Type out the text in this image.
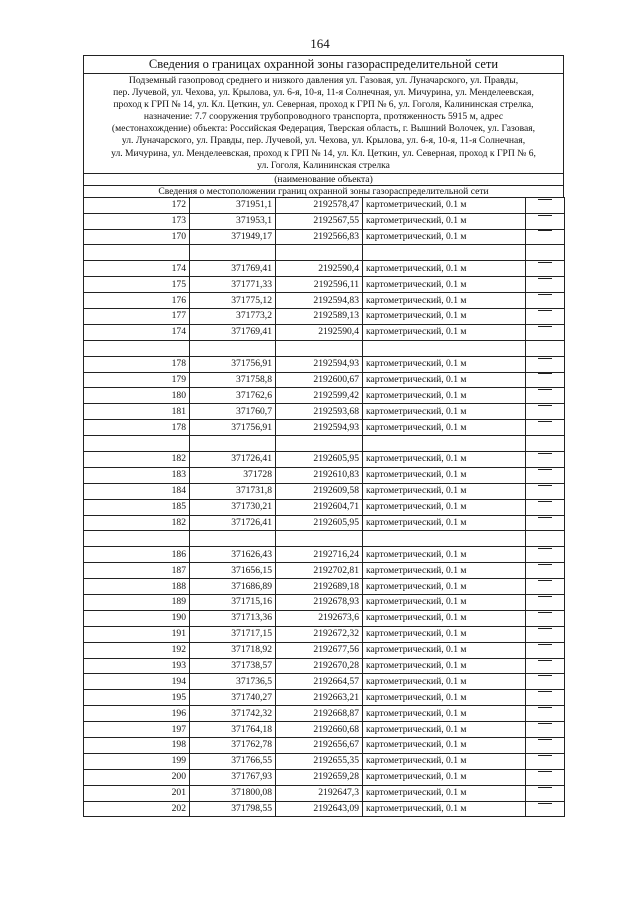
164
Сведения о границах охранной зоны газораспределительной сети
Подземный газопровод среднего и низкого давления ул. Газовая, ул. Луначарского, ул. Правды,
пер. Лучевой, ул. Чехова, ул. Крылова, ул. 6-я, 10-я, 11-я Солнечная, ул. Мичурина, ул. Менделеевская,
проход к ГРП № 14, ул. Кл. Цеткин, ул. Северная, проход к ГРП № 6, ул. Гоголя, Калининская стрелка,
назначение: 7.7 сооружения трубопроводного транспорта, протяженность 5915 м, адрес
(местонахождение) объекта: Российская Федерация, Тверская область, г. Вышний Волочек, ул. Газовая,
ул. Луначарского, ул. Правды, пер. Лучевой, ул. Чехова, ул. Крылова, ул. 6-я, 10-я, 11-я Солнечная,
ул. Мичурина, ул. Менделеевская, проход к ГРП № 14, ул. Кл. Цеткин, ул. Северная, проход к ГРП № 6,
ул. Гоголя, Калининская стрелка
(наименование объекта)
Сведения о местоположении границ охранной зоны газораспределительной сети
172	371951,1	2192578,47	картометрический, 0.1 м	
173	371953,1	2192567,55	картометрический, 0.1 м	
170	371949,17	2192566,83	картометрический, 0.1 м	

174	371769,41	2192590,4	картометрический, 0.1 м	
175	371771,33	2192596,11	картометрический, 0.1 м	
176	371775,12	2192594,83	картометрический, 0.1 м	
177	371773,2	2192589,13	картометрический, 0.1 м	
174	371769,41	2192590,4	картометрический, 0.1 м	

178	371756,91	2192594,93	картометрический, 0.1 м	
179	371758,8	2192600,67	картометрический, 0.1 м	
180	371762,6	2192599,42	картометрический, 0.1 м	
181	371760,7	2192593,68	картометрический, 0.1 м	
178	371756,91	2192594,93	картометрический, 0.1 м	

182	371726,41	2192605,95	картометрический, 0.1 м	
183	371728	2192610,83	картометрический, 0.1 м	
184	371731,8	2192609,58	картометрический, 0.1 м	
185	371730,21	2192604,71	картометрический, 0.1 м	
182	371726,41	2192605,95	картометрический, 0.1 м	

186	371626,43	2192716,24	картометрический, 0.1 м	
187	371656,15	2192702,81	картометрический, 0.1 м	
188	371686,89	2192689,18	картометрический, 0.1 м	
189	371715,16	2192678,93	картометрический, 0.1 м	
190	371713,36	2192673,6	картометрический, 0.1 м	
191	371717,15	2192672,32	картометрический, 0.1 м	
192	371718,92	2192677,56	картометрический, 0.1 м	
193	371738,57	2192670,28	картометрический, 0.1 м	
194	371736,5	2192664,57	картометрический, 0.1 м	
195	371740,27	2192663,21	картометрический, 0.1 м	
196	371742,32	2192668,87	картометрический, 0.1 м	
197	371764,18	2192660,68	картометрический, 0.1 м	
198	371762,78	2192656,67	картометрический, 0.1 м	
199	371766,55	2192655,35	картометрический, 0.1 м	
200	371767,93	2192659,28	картометрический, 0.1 м	
201	371800,08	2192647,3	картометрический, 0.1 м	
202	371798,55	2192643,09	картометрический, 0.1 м	
